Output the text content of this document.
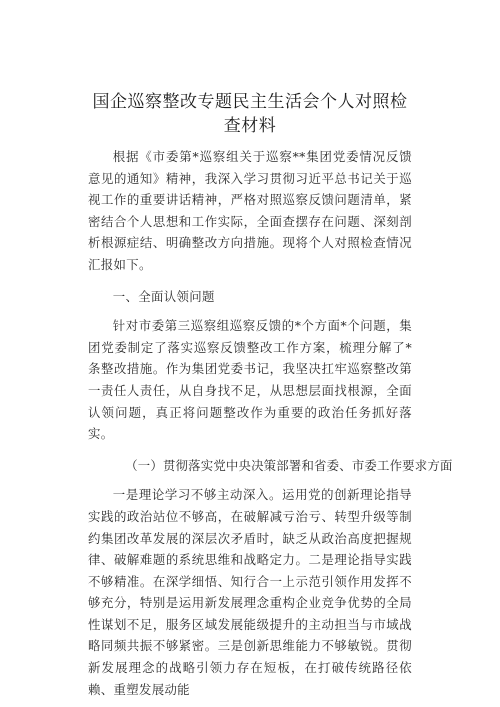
国企巡察整改专题民主生活会个人对照检查材料

根据《市委第*巡察组关于巡察**集团党委情况反馈意见的通知》精神，我深入学习贯彻习近平总书记关于巡视工作的重要讲话精神，严格对照巡察反馈问题清单，紧密结合个人思想和工作实际，全面查摆存在问题、深刻剖析根源症结、明确整改方向措施。现将个人对照检查情况汇报如下。

一、全面认领问题

针对市委第三巡察组巡察反馈的*个方面*个问题，集团党委制定了落实巡察反馈整改工作方案，梳理分解了*条整改措施。作为集团党委书记，我坚决扛牢巡察整改第一责任人责任，从自身找不足，从思想层面找根源，全面认领问题，真正将问题整改作为重要的政治任务抓好落实。

（一）贯彻落实党中央决策部署和省委、市委工作要求方面

一是理论学习不够主动深入。运用党的创新理论指导实践的政治站位不够高，在破解减亏治亏、转型升级等制约集团改革发展的深层次矛盾时，缺乏从政治高度把握规律、破解难题的系统思维和战略定力。二是理论指导实践不够精准。在深学细悟、知行合一上示范引领作用发挥不够充分，特别是运用新发展理念重构企业竞争优势的全局性谋划不足，服务区域发展能级提升的主动担当与市域战略同频共振不够紧密。三是创新思维能力不够敏锐。贯彻新发展理念的战略引领力存在短板，在打破传统路径依赖、重塑发展动能
